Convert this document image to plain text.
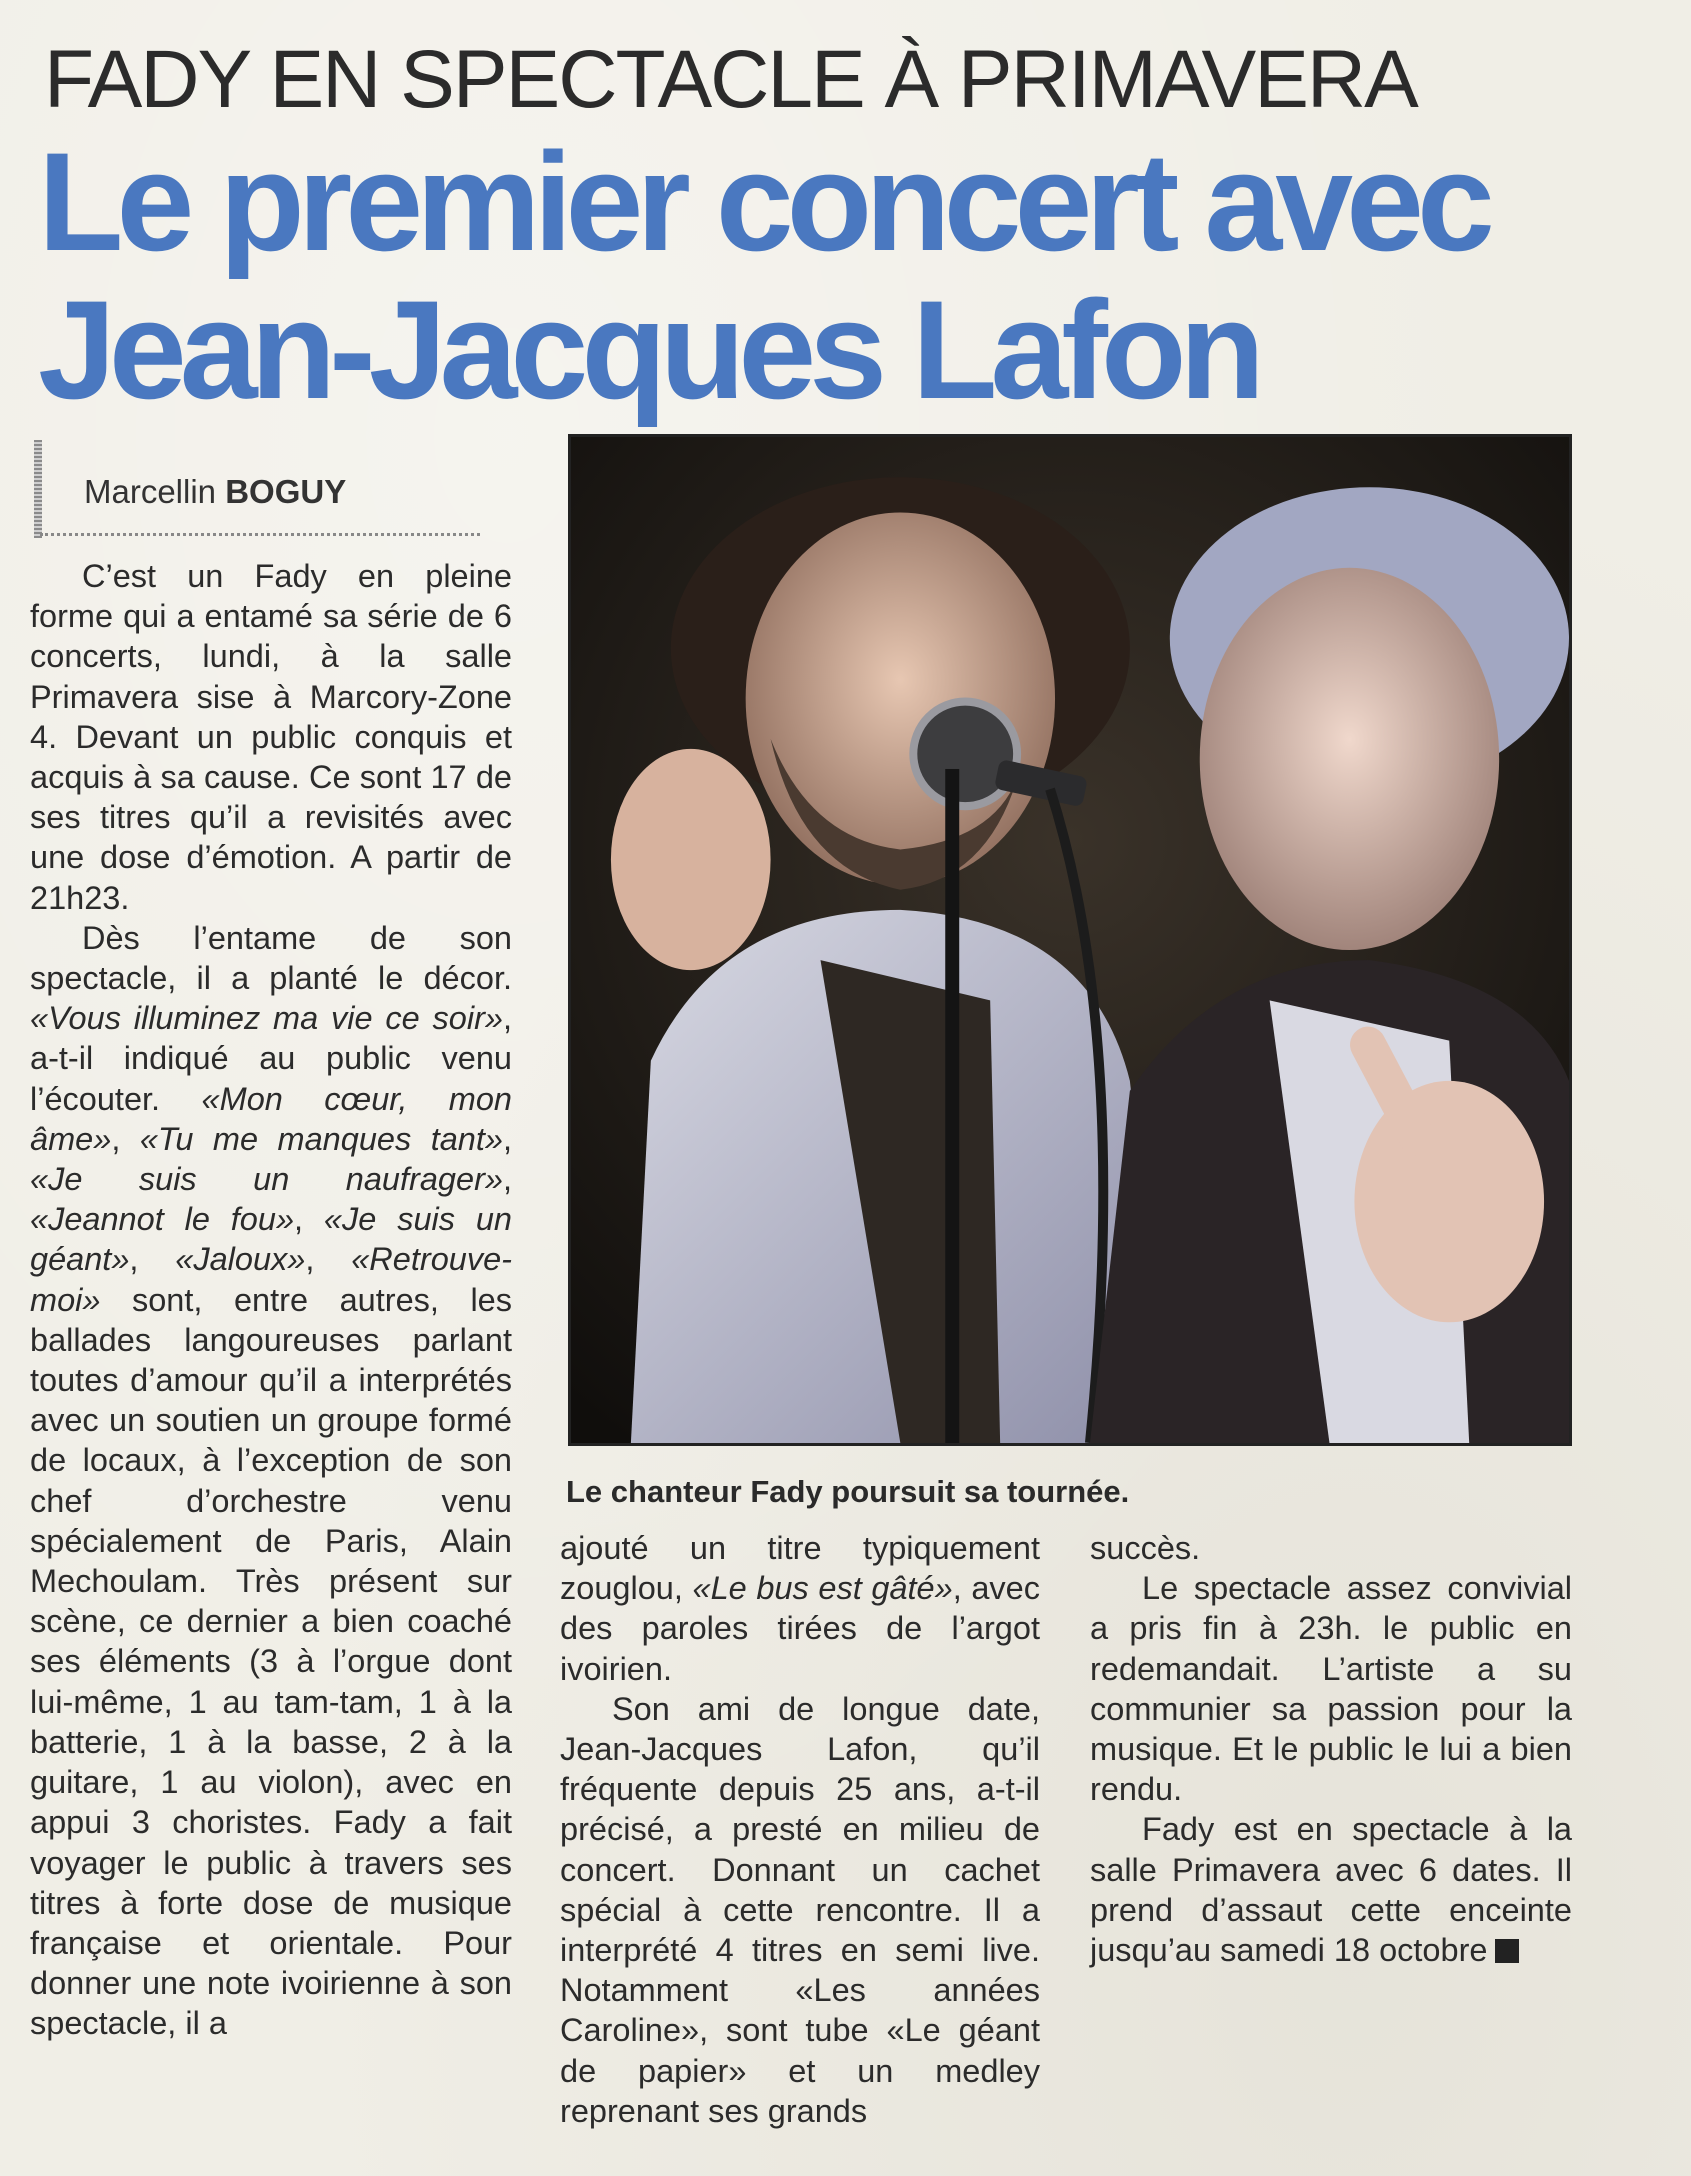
FADY EN SPECTACLE À PRIMAVERA
Le premier concert avec
Jean-Jacques Lafon
Marcellin BOGUY

C’est un Fady en pleine forme qui a entamé sa série de 6 concerts, lundi, à la salle Primavera sise à Marcory-Zone 4. Devant un public conquis et acquis à sa cause. Ce sont 17 de ses titres qu’il a revisités avec une dose d’émotion. A partir de 21h23.

Dès l’entame de son spectacle, il a planté le décor. «Vous illuminez ma vie ce soir», a-t-il indiqué au public venu l’écouter. «Mon cœur, mon âme», «Tu me manques tant», «Je suis un naufrager», «Jeannot le fou», «Je suis un géant», «Jaloux», «Retrouve-moi» sont, entre autres, les ballades langoureuses parlant toutes d’amour qu’il a interprétés avec un soutien un groupe formé de locaux, à l’exception de son chef d’orchestre venu spécialement de Paris, Alain Mechoulam. Très présent sur scène, ce dernier a bien coaché ses éléments (3 à l’orgue dont lui-même, 1 au tam-tam, 1 à la batterie, 1 à la basse, 2 à la guitare, 1 au violon), avec en appui 3 choristes. Fady a fait voyager le public à travers ses titres à forte dose de musique française et orientale. Pour donner une note ivoirienne à son spectacle, il a

Le chanteur Fady poursuit sa tournée.

ajouté un titre typiquement zouglou, «Le bus est gâté», avec des paroles tirées de l’argot ivoirien.

Son ami de longue date, Jean-Jacques Lafon, qu’il fréquente depuis 25 ans, a-t-il précisé, a presté en milieu de concert. Donnant un cachet spécial à cette rencontre. Il a interprété 4 titres en semi live. Notamment «Les années Caroline», sont tube «Le géant de papier» et un medley reprenant ses grands

succès.

Le spectacle assez convivial a pris fin à 23h. le public en redemandait. L’artiste a su communier sa passion pour la musique. Et le public le lui a bien rendu.

Fady est en spectacle à la salle Primavera avec 6 dates. Il prend d’assaut cette enceinte jusqu’au samedi 18 octobre
